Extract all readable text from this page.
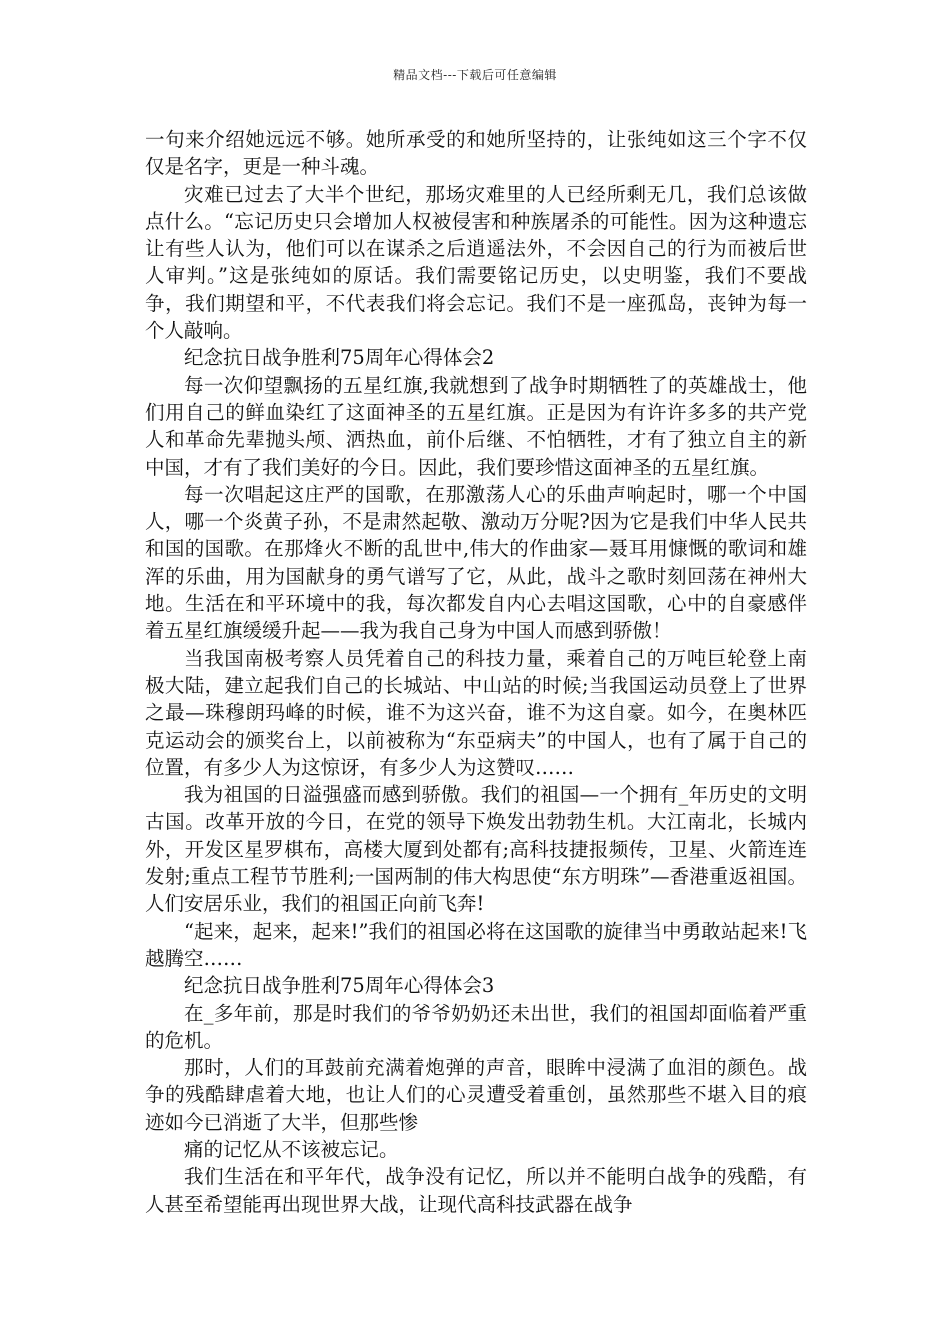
精品文档---下载后可任意编辑

一句来介绍她远远不够。她所承受的和她所坚持的，让张纯如这三个字不仅仅是名字，更是一种斗魂。

灾难已过去了大半个世纪，那场灾难里的人已经所剩无几，我们总该做点什么。“忘记历史只会增加人权被侵害和种族屠杀的可能性。因为这种遗忘让有些人认为，他们可以在谋杀之后逍遥法外，不会因自己的行为而被后世人审判。”这是张纯如的原话。我们需要铭记历史，以史明鉴，我们不要战争，我们期望和平，不代表我们将会忘记。我们不是一座孤岛，丧钟为每一个人敲响。

纪念抗日战争胜利75周年心得体会2

每一次仰望飘扬的五星红旗,我就想到了战争时期牺牲了的英雄战士，他们用自己的鲜血染红了这面神圣的五星红旗。正是因为有许许多多的共产党人和革命先辈抛头颅、洒热血，前仆后继、不怕牺牲，才有了独立自主的新中国，才有了我们美好的今日。因此，我们要珍惜这面神圣的五星红旗。

每一次唱起这庄严的国歌，在那激荡人心的乐曲声响起时，哪一个中国人，哪一个炎黄子孙，不是肃然起敬、激动万分呢?因为它是我们中华人民共和国的国歌。在那烽火不断的乱世中,伟大的作曲家—聂耳用慷慨的歌词和雄浑的乐曲，用为国献身的勇气谱写了它，从此，战斗之歌时刻回荡在神州大地。生活在和平环境中的我，每次都发自内心去唱这国歌，心中的自豪感伴着五星红旗缓缓升起——我为我自己身为中国人而感到骄傲！

当我国南极考察人员凭着自己的科技力量，乘着自己的万吨巨轮登上南极大陆，建立起我们自己的长城站、中山站的时候;当我国运动员登上了世界之最—珠穆朗玛峰的时候，谁不为这兴奋，谁不为这自豪。如今，在奥林匹克运动会的颁奖台上，以前被称为“东亞病夫”的中国人，也有了属于自己的位置，有多少人为这惊讶，有多少人为这赞叹……

我为祖国的日溢强盛而感到骄傲。我们的祖国—一个拥有_年历史的文明古国。改革开放的今日，在党的领导下焕发出勃勃生机。大江南北，长城内外，开发区星罗棋布，高楼大厦到处都有;高科技捷报频传，卫星、火箭连连发射;重点工程节节胜利;一国两制的伟大构思使“东方明珠”—香港重返祖国。人们安居乐业，我们的祖国正向前飞奔!

“起来，起来，起来!”我们的祖国必将在这国歌的旋律当中勇敢站起来!飞越腾空……

纪念抗日战争胜利75周年心得体会3

在_多年前，那是时我们的爷爷奶奶还未出世，我们的祖国却面临着严重的危机。

那时，人们的耳鼓前充满着炮弹的声音，眼眸中浸满了血泪的颜色。战争的残酷肆虐着大地，也让人们的心灵遭受着重创，虽然那些不堪入目的痕迹如今已消逝了大半，但那些惨

痛的记忆从不该被忘记。

我们生活在和平年代，战争没有记忆，所以并不能明白战争的残酷，有人甚至希望能再出现世界大战，让现代高科技武器在战争
